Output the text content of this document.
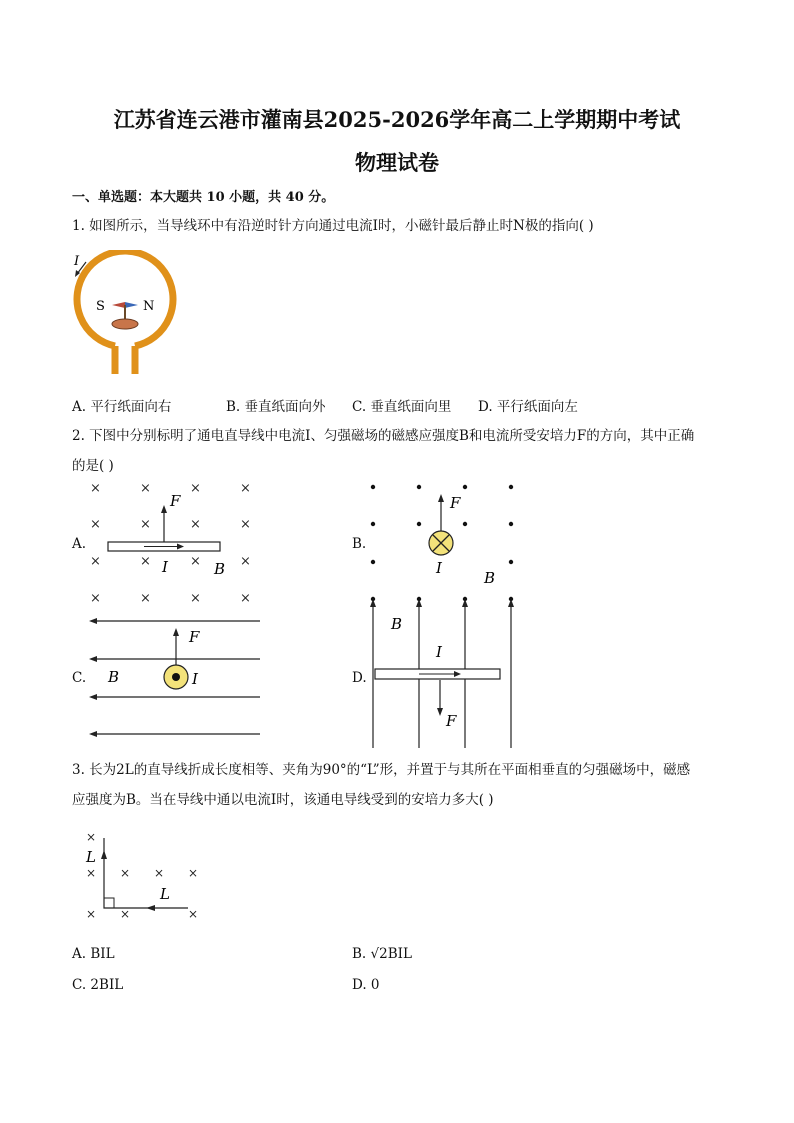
江苏省连云港市灌南县2025-2026学年高二上学期期中考试
物理试卷
一、单选题：本大题共 10 小题，共 40 分。
1. 如图所示，当导线环中有沿逆时针方向通过电流I时，小磁针最后静止时N极的指向( )
I
S	N
A. 平行纸面向右	B. 垂直纸面向外 C. 垂直纸面向里 D. 平行纸面向左
2. 下图中分别标明了通电直导线中电流I、匀强磁场的磁感应强度B和电流所受安培力F的方向，其中正确
的是( )
A.
×	×	×	×
×	×	×	×
×	×	×	×
×	×	×	×
F
I	B
B.
F
I
B
C.
F
B	I	D.
B
I
F
3. 长为2L的直导线折成长度相等、夹角为90°的“L”形，并置于与其所在平面相垂直的匀强磁场中，磁感
应强度为B。当在导线中通以电流I时，该通电导线受到的安培力多大( )
×
× × × ×
× ×	×
L
L
A. BIL	B. √2BIL
C. 2BIL	D. 0
